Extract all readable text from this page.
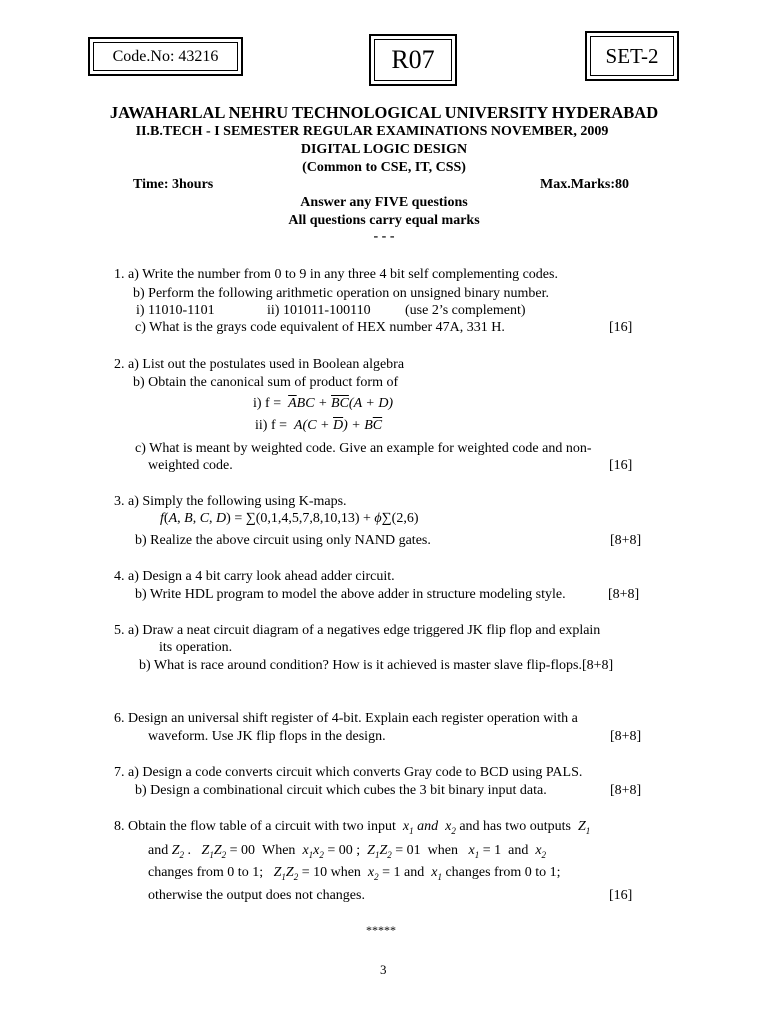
Code.No: 43216	R07	SET-2
JAWAHARLAL NEHRU TECHNOLOGICAL UNIVERSITY HYDERABAD
II.B.TECH - I SEMESTER REGULAR EXAMINATIONS NOVEMBER, 2009
DIGITAL LOGIC DESIGN
(Common to CSE, IT, CSS)
Time: 3hours	Max.Marks:80
Answer any FIVE questions
All questions carry equal marks
- - -
1. a) Write the number from 0 to 9 in any three 4 bit self complementing codes.
b) Perform the following arithmetic operation on unsigned binary number.
i) 11010-1101	ii) 101011-100110 (use 2’s complement)
c) What is the grays code equivalent of HEX number 47A, 331 H.	[16]
2. a) List out the postulates used in Boolean algebra
b) Obtain the canonical sum of product form of
i) $f = \overline{A}BC + \overline{BC}(A + D)$
ii) $f = A(C + \overline{D}) + B\overline{C}$
c) What is meant by weighted code. Give an example for weighted code and non-
weighted code.	[16]
3. a) Simply the following using K-maps.
f(A, B, C, D) = ∑(0,1,4,5,7,8,10,13) + ϕ∑(2,6)
b) Realize the above circuit using only NAND gates.	[8+8]
4. a) Design a 4 bit carry look ahead adder circuit.
b) Write HDL program to model the above adder in structure modeling style.	[8+8]
5. a) Draw a neat circuit diagram of a negatives edge triggered JK flip flop and explain
its operation.
b) What is race around condition? How is it achieved is master slave flip-flops.[8+8]
6. Design an universal shift register of 4-bit. Explain each register operation with a
waveform. Use JK flip flops in the design.	[8+8]
7. a) Design a code converts circuit which converts Gray code to BCD using PALS.
b) Design a combinational circuit which cubes the 3 bit binary input data.	[8+8]
8. Obtain the flow table of a circuit with two input $x_1$ and  $x_2$ and has two outputs  $Z_1$
and $Z_2$ .   $Z_1Z_2 = 00$  When  $x_1x_2 = 00$ ;  $Z_1Z_2 = 01$  when   $x_1 = 1$  and  $x_2$
changes from 0 to 1;   $Z_1Z_2 = 10$ when  $x_2 = 1$ and  $x_1$ changes from 0 to 1;
otherwise the output does not changes.	[16]
*****
3
